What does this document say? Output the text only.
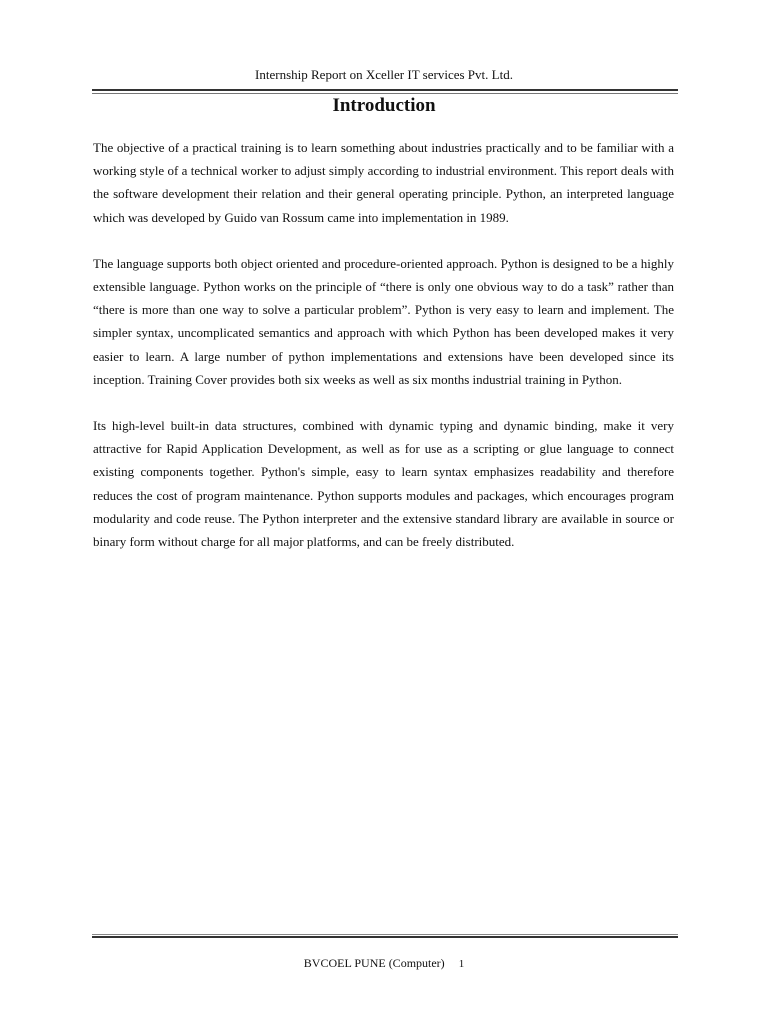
Internship Report on Xceller IT services Pvt. Ltd.
Introduction

The objective of a practical training is to learn something about industries practically and to be familiar with a working style of a technical worker to adjust simply according to industrial environment. This report deals with the software development their relation and their general operating principle. Python, an interpreted language which was developed by Guido van Rossum came into implementation in 1989.

The language supports both object oriented and procedure-oriented approach. Python is designed to be a highly extensible language. Python works on the principle of “there is only one obvious way to do a task” rather than “there is more than one way to solve a particular problem”. Python is very easy to learn and implement. The simpler syntax, uncomplicated semantics and approach with which Python has been developed makes it very easier to learn. A large number of python implementations and extensions have been developed since its inception. Training Cover provides both six weeks as well as six months industrial training in Python.

Its high-level built-in data structures, combined with dynamic typing and dynamic binding, make it very attractive for Rapid Application Development, as well as for use as a scripting or glue language to connect existing components together. Python's simple, easy to learn syntax emphasizes readability and therefore reduces the cost of program maintenance. Python supports modules and packages, which encourages program modularity and code reuse. The Python interpreter and the extensive standard library are available in source or binary form without charge for all major platforms, and can be freely distributed.

BVCOEL PUNE (Computer) 1
